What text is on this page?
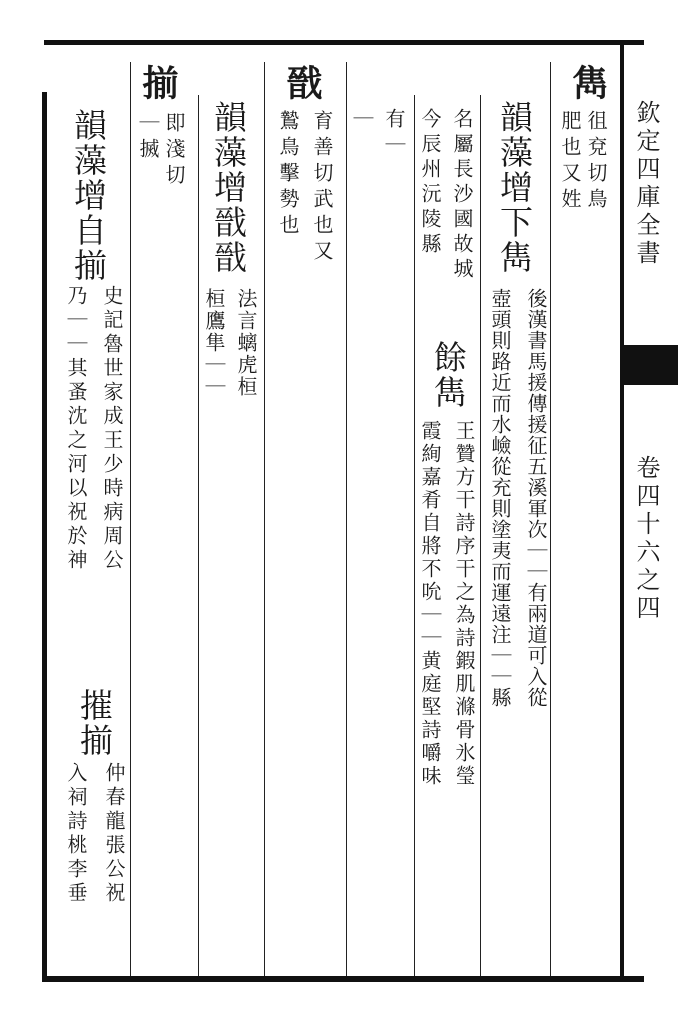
欽定四庫全書
卷四十六之四
雋
徂兗切鳥
肥也又姓
韻藻增下雋
後漢書馬援傳援征五溪軍次｜｜有兩道可入從
壺頭則路近而水嶮從充則塗夷而運遠注｜｜縣
名屬長沙國故城
餘雋
王贊方干詩序干之為詩鍜肌滌骨氷瑩
今辰州沅陵縣
霞絢嘉肴自將不吮｜｜黄庭堅詩嚼味
有｜
｜
戩
育善切武也又
鷙鳥擊勢也
韻藻增戩戩
法言螭虎桓
桓鷹隼｜｜
揃
即淺切
｜搣
韻藻增自揃
史記魯世家成王少時病周公
乃｜｜其蚤沈之河以祝於神
摧揃
仲春龍張公祝
入祠詩桃李垂
